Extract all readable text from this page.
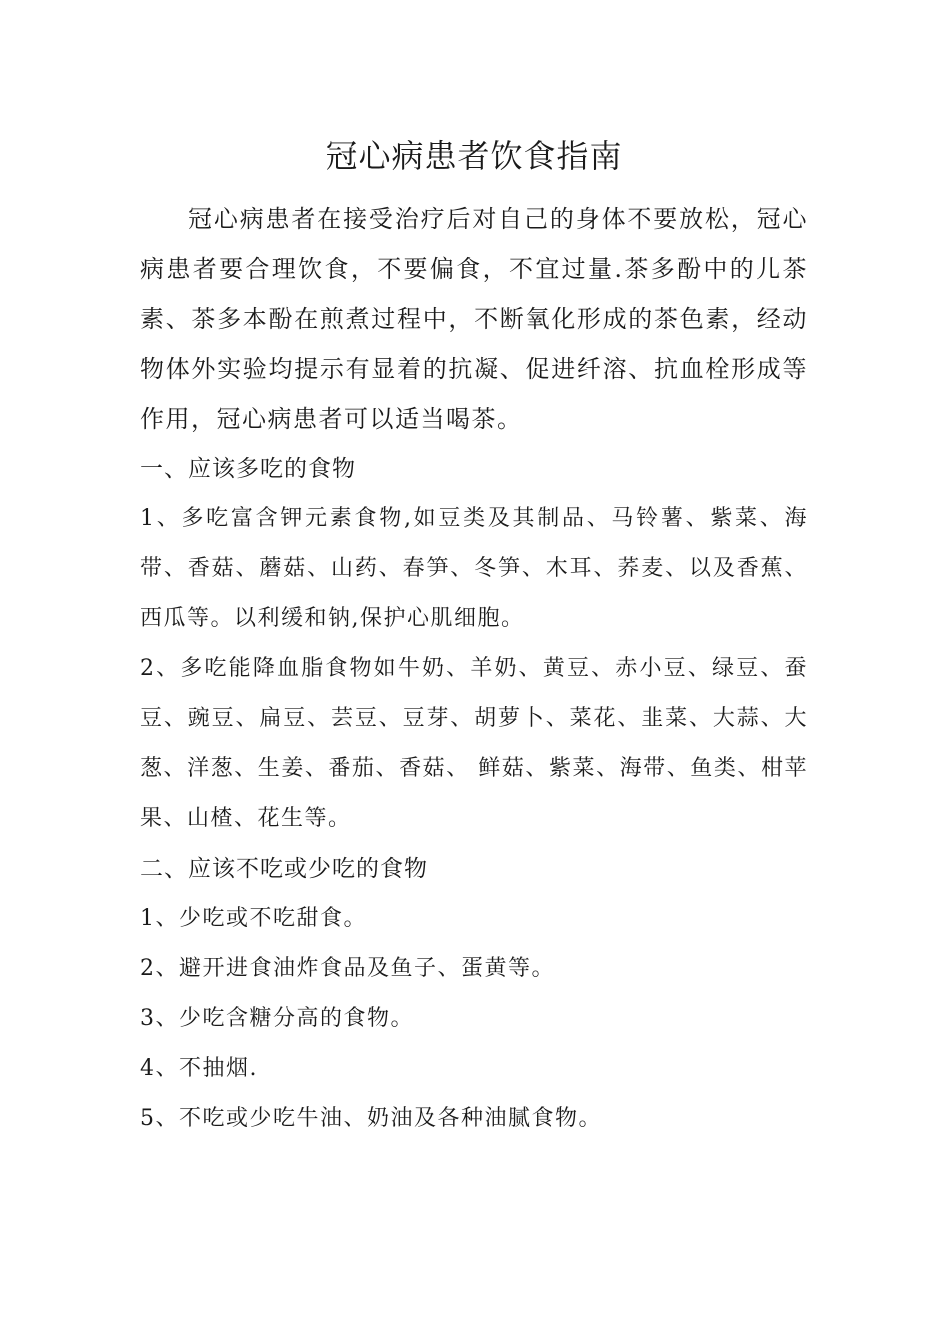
冠心病患者饮食指南

冠心病患者在接受治疗后对自己的身体不要放松，冠心病患者要合理饮食，不要偏食，不宜过量.茶多酚中的儿茶素、茶多本酚在煎煮过程中，不断氧化形成的茶色素，经动物体外实验均提示有显着的抗凝、促进纤溶、抗血栓形成等作用，冠心病患者可以适当喝茶。

一、应该多吃的食物

1、多吃富含钾元素食物,如豆类及其制品、马铃薯、紫菜、海带、香菇、蘑菇、山药、春笋、冬笋、木耳、荞麦、以及香蕉、西瓜等。以利缓和钠,保护心肌细胞。

2、多吃能降血脂食物如牛奶、羊奶、黄豆、赤小豆、绿豆、蚕豆、豌豆、扁豆、芸豆、豆芽、胡萝卜、菜花、韭菜、大蒜、大葱、洋葱、生姜、番茄、香菇、 鲜菇、紫菜、海带、鱼类、柑苹果、山楂、花生等。

二、应该不吃或少吃的食物

1、少吃或不吃甜食。

2、避开进食油炸食品及鱼子、蛋黄等。

3、少吃含糖分高的食物。

4、不抽烟.

5、不吃或少吃牛油、奶油及各种油腻食物。
